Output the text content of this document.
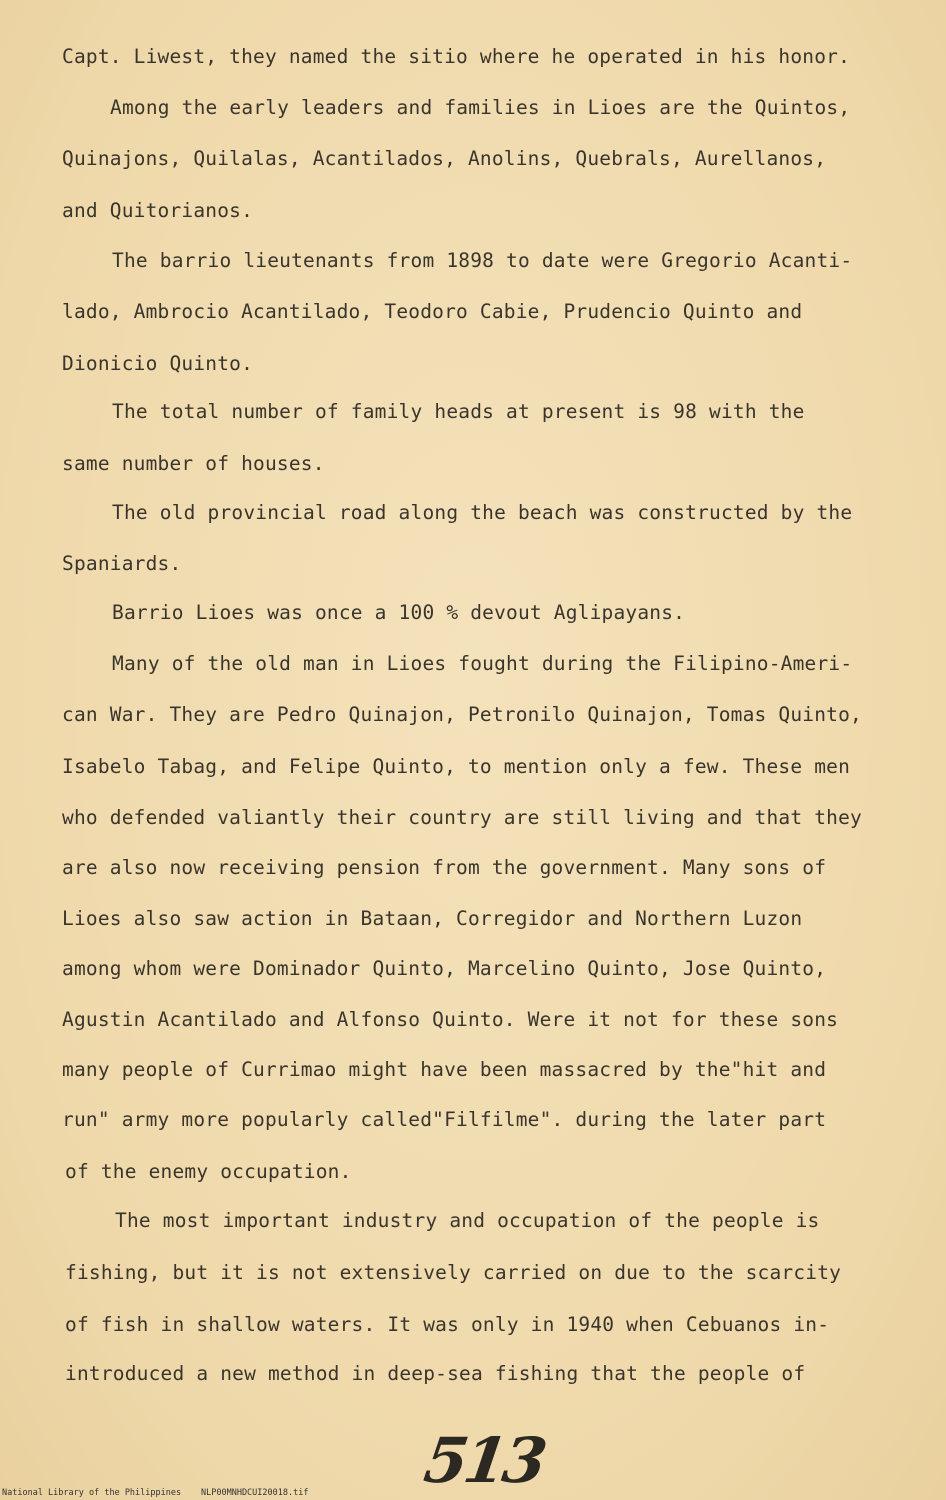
Capt. Liwest, they named the sitio where he operated in his honor.
Among the early leaders and families in Lioes are the Quintos,
Quinajons, Quilalas, Acantilados, Anolins, Quebrals, Aurellanos,
and Quitorianos.
The barrio lieutenants from 1898 to date were Gregorio Acanti-
lado, Ambrocio Acantilado, Teodoro Cabie, Prudencio Quinto and
Dionicio Quinto.
The total number of family heads at present is 98 with the
same number of houses.
The old provincial road along the beach was constructed by the
Spaniards.
Barrio Lioes was once a 100 % devout Aglipayans.
Many of the old man in Lioes fought during the Filipino-Ameri-
can War. They are Pedro Quinajon, Petronilo Quinajon, Tomas Quinto,
Isabelo Tabag, and Felipe Quinto, to mention only a few. These men
who defended valiantly their country are still living and that they
are also now receiving pension from the government. Many sons of
Lioes also saw action in Bataan, Corregidor and Northern Luzon
among whom were Dominador Quinto, Marcelino Quinto, Jose Quinto,
Agustin Acantilado and Alfonso Quinto. Were it not for these sons
many people of Currimao might have been massacred by the"hit and
run" army more popularly called"Filfilme". during the later part
of the enemy occupation.
The most important industry and occupation of the people is
fishing, but it is not extensively carried on due to the scarcity
of fish in shallow waters. It was only in 1940 when Cebuanos in-
introduced a new method in deep-sea fishing that the people of
513
National Library of the Philippines NLP00MNHDCUI20018.tif
